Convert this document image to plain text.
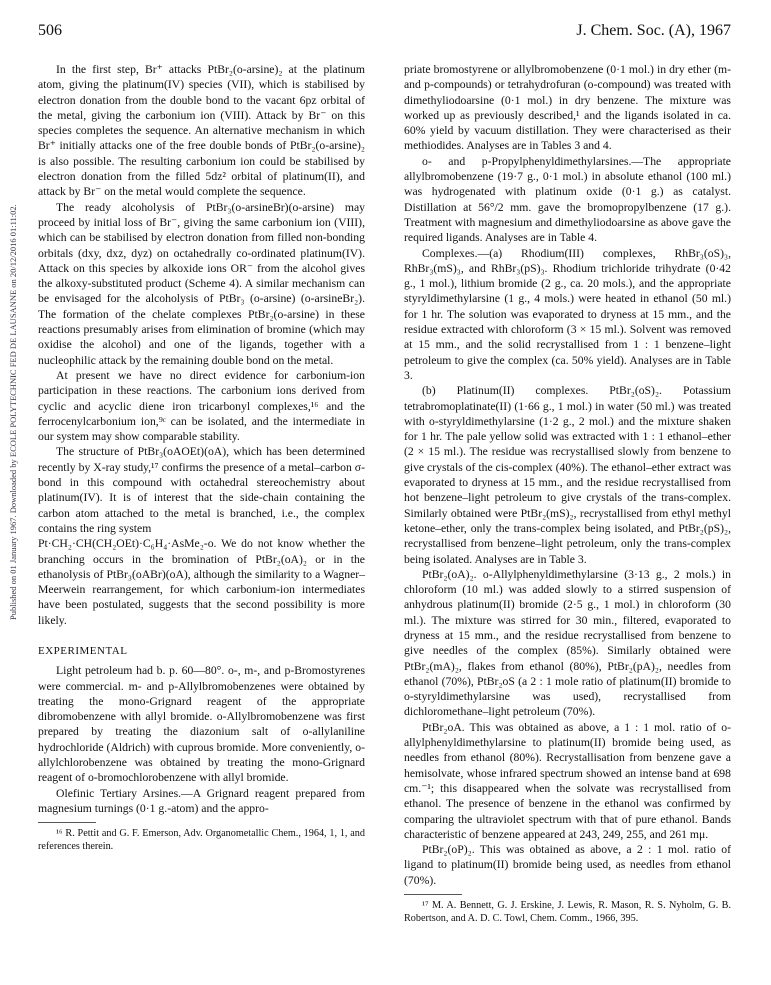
506	J. Chem. Soc. (A), 1967
Published on 01 January 1967. Downloaded by ECOLE POLYTECHNIC FED DE LAUSANNE on 20/12/2016 01:11:02.

In the first step, Br⁺ attacks PtBr₂(o-arsine)₂ at the platinum atom, giving the platinum(IV) species (VII), which is stabilised by electron donation from the double bond to the vacant 6pz orbital of the metal, giving the carbonium ion (VIII). Attack by Br⁻ on this species completes the sequence. An alternative mechanism in which Br⁺ initially attacks one of the free double bonds of PtBr₂(o-arsine)₂ is also possible. The resulting carbonium ion could be stabilised by electron donation from the filled 5dz² orbital of platinum(II), and attack by Br⁻ on the metal would complete the sequence.

The ready alcoholysis of PtBr₃(o-arsineBr)(o-arsine) may proceed by initial loss of Br⁻, giving the same carbonium ion (VIII), which can be stabilised by electron donation from filled non-bonding orbitals (dxy, dxz, dyz) on octahedrally co-ordinated platinum(IV). Attack on this species by alkoxide ions OR⁻ from the alcohol gives the alkoxy-substituted product (Scheme 4). A similar mechanism can be envisaged for the alcoholysis of PtBr₃ (o-arsine) (o-arsineBr₂). The formation of the chelate complexes PtBr₂(o-arsine) in these reactions presumably arises from elimination of bromine (which may oxidise the alcohol) and one of the ligands, together with a nucleophilic attack by the remaining double bond on the metal.

At present we have no direct evidence for carbonium-ion participation in these reactions. The carbonium ions derived from cyclic and acyclic diene iron tricarbonyl complexes,¹⁶ and the ferrocenylcarbonium ion,⁹ᶜ can be isolated, and the intermediate in our system may show comparable stability.

The structure of PtBr₃(oAOEt)(oA), which has been determined recently by X-ray study,¹⁷ confirms the presence of a metal–carbon σ-bond in this compound with octahedral stereochemistry about platinum(IV). It is of interest that the side-chain containing the carbon atom attached to the metal is branched, i.e., the complex contains the ring system

Pt·CH₂·CH(CH₂OEt)·C₆H₄·AsMe₂-o. We do not know whether the branching occurs in the bromination of PtBr₂(oA)₂ or in the ethanolysis of PtBr₃(oABr)(oA), although the similarity to a Wagner–Meerwein rearrangement, for which carbonium-ion intermediates have been postulated, suggests that the second possibility is more likely.

EXPERIMENTAL

Light petroleum had b. p. 60—80°. o-, m-, and p-Bromostyrenes were commercial. m- and p-Allylbromobenzenes were obtained by treating the mono-Grignard reagent of the appropriate dibromobenzene with allyl bromide. o-Allylbromobenzene was first prepared by treating the diazonium salt of o-allylaniline hydrochloride (Aldrich) with cuprous bromide. More conveniently, o-allylchlorobenzene was obtained by treating the mono-Grignard reagent of o-bromochlorobenzene with allyl bromide.

Olefinic Tertiary Arsines.—A Grignard reagent prepared from magnesium turnings (0·1 g.-atom) and the appro-

¹⁶ R. Pettit and G. F. Emerson, Adv. Organometallic Chem., 1964, 1, 1, and references therein.

priate bromostyrene or allylbromobenzene (0·1 mol.) in dry ether (m- and p-compounds) or tetrahydrofuran (o-compound) was treated with dimethyliodoarsine (0·1 mol.) in dry benzene. The mixture was worked up as previously described,¹ and the ligands isolated in ca. 60% yield by vacuum distillation. They were characterised as their methiodides. Analyses are in Tables 3 and 4.

o- and p-Propylphenyldimethylarsines.—The appropriate allylbromobenzene (19·7 g., 0·1 mol.) in absolute ethanol (100 ml.) was hydrogenated with platinum oxide (0·1 g.) as catalyst. Distillation at 56°/2 mm. gave the bromopropylbenzene (17 g.). Treatment with magnesium and dimethyliodoarsine as above gave the required ligands. Analyses are in Table 4.

Complexes.—(a) Rhodium(III) complexes, RhBr₃(oS)₃, RhBr₃(mS)₃, and RhBr₃(pS)₃. Rhodium trichloride trihydrate (0·42 g., 1 mol.), lithium bromide (2 g., ca. 20 mols.), and the appropriate styryldimethylarsine (1 g., 4 mols.) were heated in ethanol (50 ml.) for 1 hr. The solution was evaporated to dryness at 15 mm., and the residue extracted with chloroform (3 × 15 ml.). Solvent was removed at 15 mm., and the solid recrystallised from 1 : 1 benzene–light petroleum to give the complex (ca. 50% yield). Analyses are in Table 3.

(b) Platinum(II) complexes. PtBr₂(oS)₂. Potassium tetrabromoplatinate(II) (1·66 g., 1 mol.) in water (50 ml.) was treated with o-styryldimethylarsine (1·2 g., 2 mol.) and the mixture shaken for 1 hr. The pale yellow solid was extracted with 1 : 1 ethanol–ether (2 × 15 ml.). The residue was recrystallised slowly from benzene to give crystals of the cis-complex (40%). The ethanol–ether extract was evaporated to dryness at 15 mm., and the residue recrystallised from hot benzene–light petroleum to give crystals of the trans-complex. Similarly obtained were PtBr₂(mS)₂, recrystallised from ethyl methyl ketone–ether, only the trans-complex being isolated, and PtBr₂(pS)₂, recrystallised from benzene–light petroleum, only the trans-complex being isolated. Analyses are in Table 3.

PtBr₂(oA)₂. o-Allylphenyldimethylarsine (3·13 g., 2 mols.) in chloroform (10 ml.) was added slowly to a stirred suspension of anhydrous platinum(II) bromide (2·5 g., 1 mol.) in chloroform (30 ml.). The mixture was stirred for 30 min., filtered, evaporated to dryness at 15 mm., and the residue recrystallised from benzene to give needles of the complex (85%). Similarly obtained were PtBr₂(mA)₂, flakes from ethanol (80%), PtBr₂(pA)₂, needles from ethanol (70%), PtBr₂oS (a 2 : 1 mole ratio of platinum(II) bromide to o-styryldimethylarsine was used), recrystallised from dichloromethane–light petroleum (70%).

PtBr₂oA. This was obtained as above, a 1 : 1 mol. ratio of o-allylphenyldimethylarsine to platinum(II) bromide being used, as needles from ethanol (80%). Recrystallisation from benzene gave a hemisolvate, whose infrared spectrum showed an intense band at 698 cm.⁻¹; this disappeared when the solvate was recrystallised from ethanol. The presence of benzene in the ethanol was confirmed by comparing the ultraviolet spectrum with that of pure ethanol. Bands characteristic of benzene appeared at 243, 249, 255, and 261 mμ.

PtBr₂(oP)₂. This was obtained as above, a 2 : 1 mol. ratio of ligand to platinum(II) bromide being used, as needles from ethanol (70%).

¹⁷ M. A. Bennett, G. J. Erskine, J. Lewis, R. Mason, R. S. Nyholm, G. B. Robertson, and A. D. C. Towl, Chem. Comm., 1966, 395.
